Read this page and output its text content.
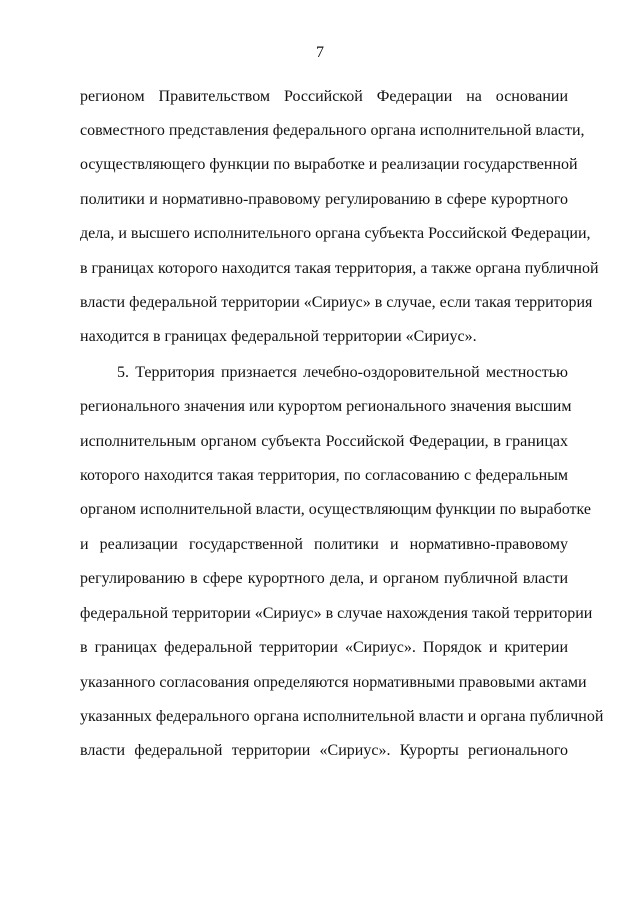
7
регионом Правительством Российской Федерации на основании
совместного представления федерального органа исполнительной власти,
осуществляющего функции по выработке и реализации государственной
политики и нормативно-правовому регулированию в сфере курортного
дела, и высшего исполнительного органа субъекта Российской Федерации,
в границах которого находится такая территория, а также органа публичной
власти федеральной территории «Сириус» в случае, если такая территория
находится в границах федеральной территории «Сириус».
5. Территория признается лечебно-оздоровительной местностью
регионального значения или курортом регионального значения высшим
исполнительным органом субъекта Российской Федерации, в границах
которого находится такая территория, по согласованию с федеральным
органом исполнительной власти, осуществляющим функции по выработке
и реализации государственной политики и нормативно-правовому
регулированию в сфере курортного дела, и органом публичной власти
федеральной территории «Сириус» в случае нахождения такой территории
в границах федеральной территории «Сириус». Порядок и критерии
указанного согласования определяются нормативными правовыми актами
указанных федерального органа исполнительной власти и органа публичной
власти федеральной территории «Сириус». Курорты регионального
